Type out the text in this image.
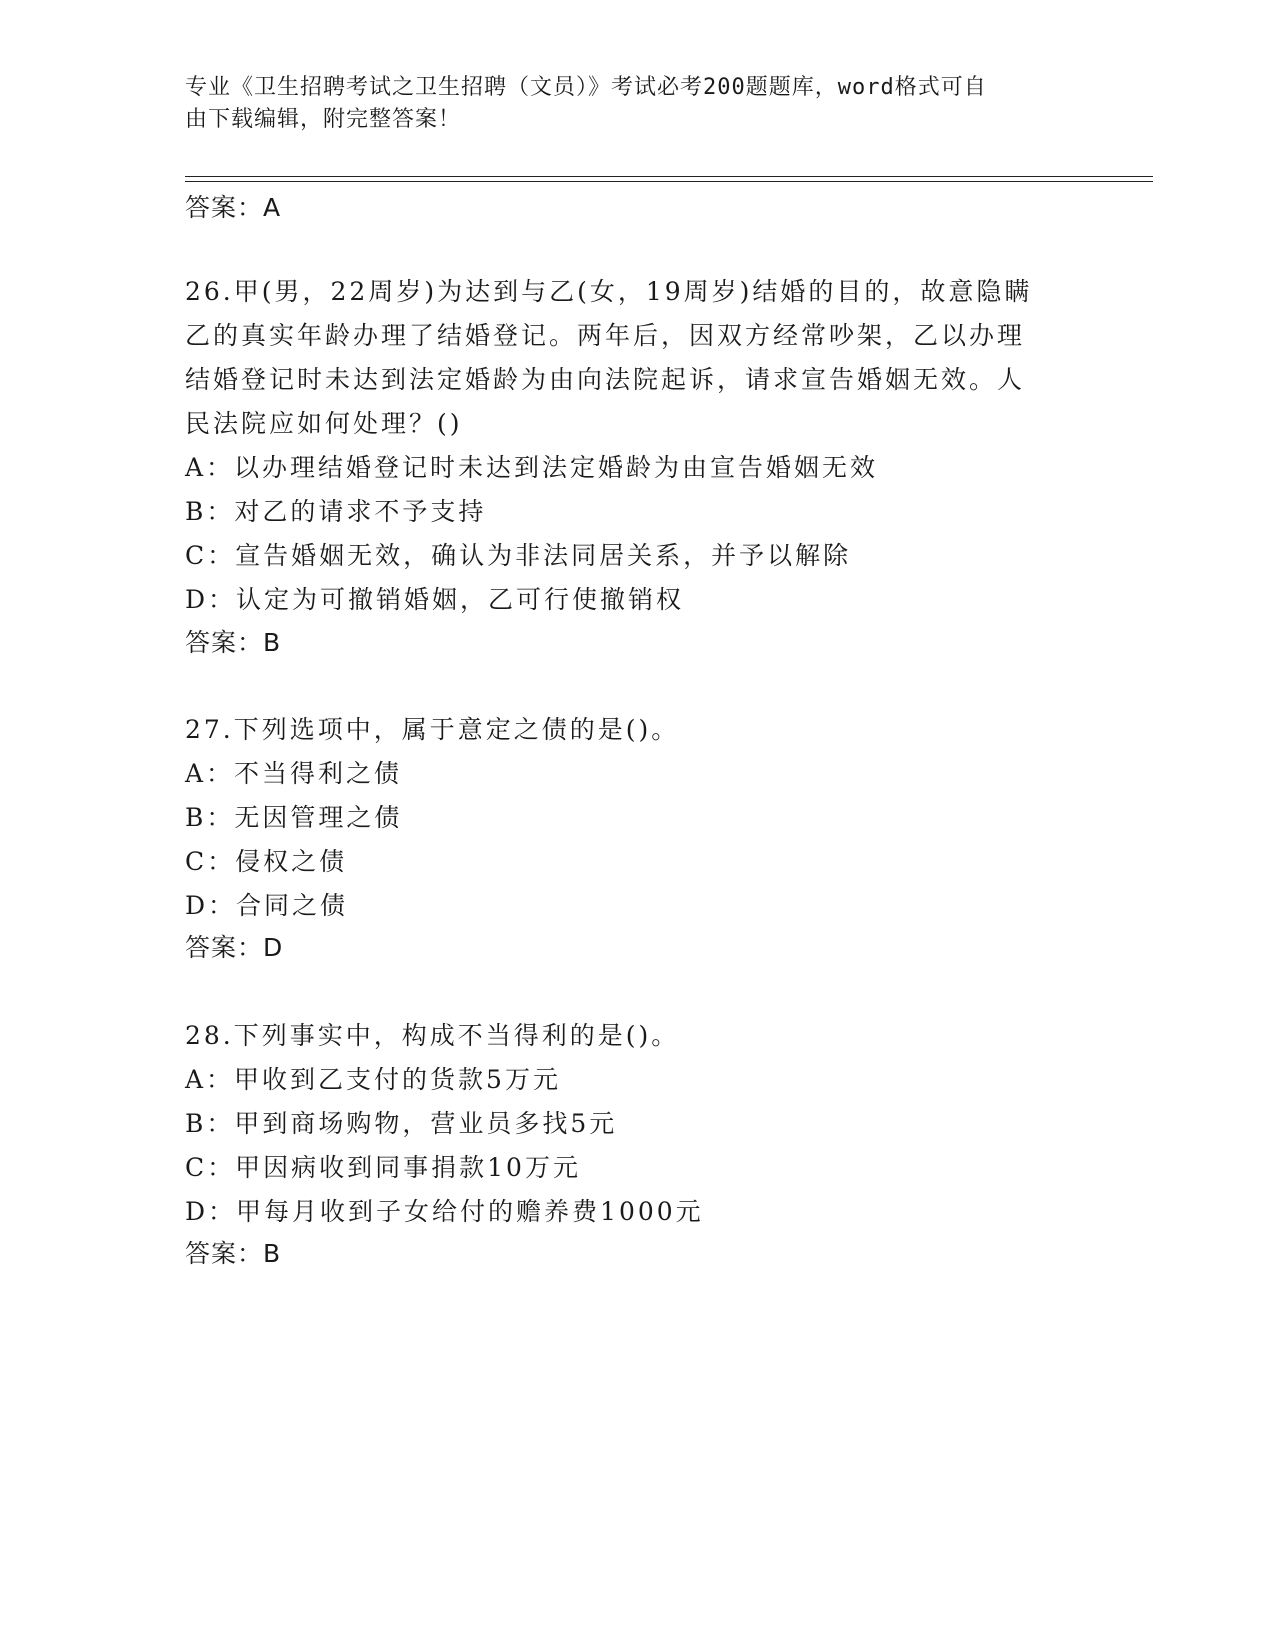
专业《卫生招聘考试之卫生招聘（文员）》考试必考200题题库，word格式可自
由下载编辑，附完整答案！
答案：A
26.甲(男，22周岁)为达到与乙(女，19周岁)结婚的目的，故意隐瞒
乙的真实年龄办理了结婚登记。两年后，因双方经常吵架，乙以办理
结婚登记时未达到法定婚龄为由向法院起诉，请求宣告婚姻无效。人
民法院应如何处理？()
A：以办理结婚登记时未达到法定婚龄为由宣告婚姻无效
B：对乙的请求不予支持
C：宣告婚姻无效，确认为非法同居关系，并予以解除
D：认定为可撤销婚姻，乙可行使撤销权
答案：B
27.下列选项中，属于意定之债的是()。
A：不当得利之债
B：无因管理之债
C：侵权之债
D：合同之债
答案：D
28.下列事实中，构成不当得利的是()。
A：甲收到乙支付的货款5万元
B：甲到商场购物，营业员多找5元
C：甲因病收到同事捐款10万元
D：甲每月收到子女给付的赡养费1000元
答案：B
